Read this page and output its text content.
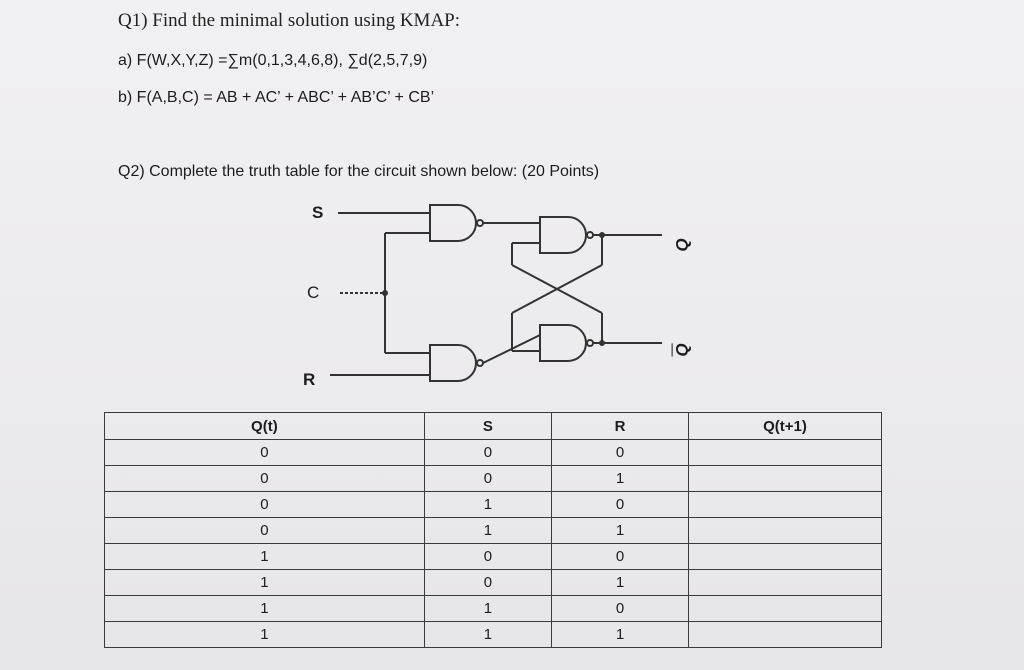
Q1) Find the minimal solution using KMAP:
a) F(W,X,Y,Z) =∑m(0,1,3,4,6,8), ∑d(2,5,7,9)
b) F(A,B,C) = AB + AC’ + ABC’ + AB’C’ + CB’
Q2) Complete the truth table for the circuit shown below: (20 Points)
S
C
R
Q
$\overline{Q}$
Q(t)	S	R	Q(t+1)
0	0	0	
0	0	1	
0	1	0	
0	1	1	
1	0	0	
1	0	1	
1	1	0	
1	1	1	
